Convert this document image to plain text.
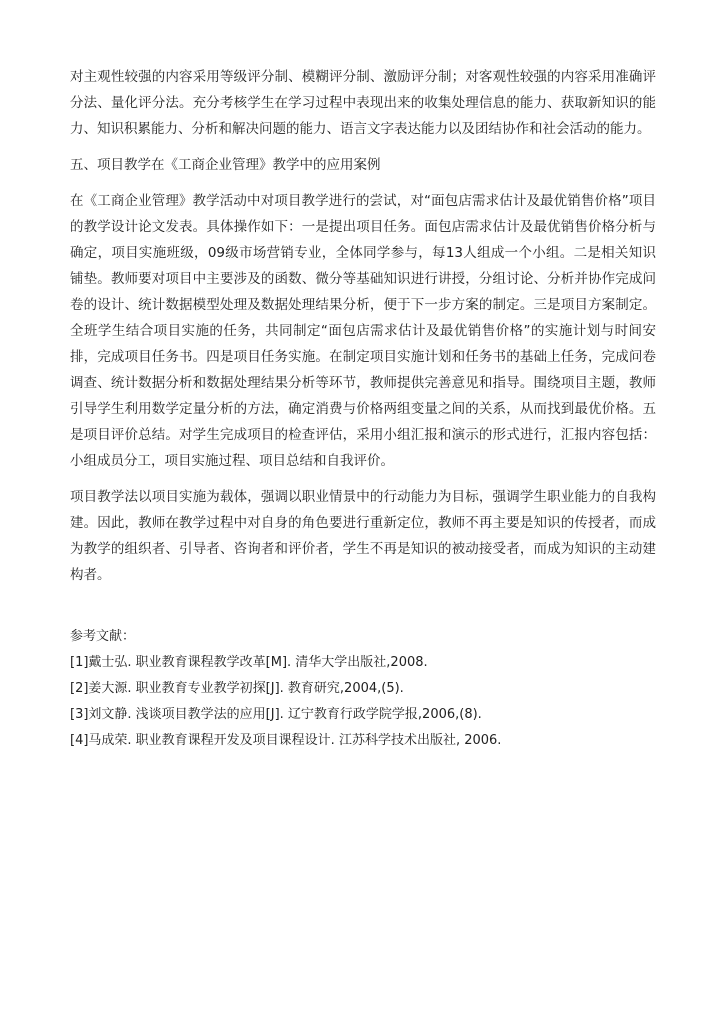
对主观性较强的内容采用等级评分制、模糊评分制、激励评分制；对客观性较强的内容采用准确评分法、量化评分法。充分考核学生在学习过程中表现出来的收集处理信息的能力、获取新知识的能力、知识积累能力、分析和解决问题的能力、语言文字表达能力以及团结协作和社会活动的能力。

五、项目教学在《工商企业管理》教学中的应用案例

在《工商企业管理》教学活动中对项目教学进行的尝试，对“面包店需求估计及最优销售价格”项目的教学设计论文发表。具体操作如下：一是提出项目任务。面包店需求估计及最优销售价格分析与确定，项目实施班级，09级市场营销专业，全体同学参与，每13人组成一个小组。二是相关知识铺垫。教师要对项目中主要涉及的函数、微分等基础知识进行讲授，分组讨论、分析并协作完成问卷的设计、统计数据模型处理及数据处理结果分析，便于下一步方案的制定。三是项目方案制定。全班学生结合项目实施的任务，共同制定“面包店需求估计及最优销售价格”的实施计划与时间安排，完成项目任务书。四是项目任务实施。在制定项目实施计划和任务书的基础上任务，完成问卷调查、统计数据分析和数据处理结果分析等环节，教师提供完善意见和指导。围绕项目主题，教师引导学生利用数学定量分析的方法，确定消费与价格两组变量之间的关系，从而找到最优价格。五是项目评价总结。对学生完成项目的检查评估，采用小组汇报和演示的形式进行，汇报内容包括：小组成员分工，项目实施过程、项目总结和自我评价。

项目教学法以项目实施为载体，强调以职业情景中的行动能力为目标，强调学生职业能力的自我构建。因此，教师在教学过程中对自身的角色要进行重新定位，教师不再主要是知识的传授者，而成为教学的组织者、引导者、咨询者和评价者，学生不再是知识的被动接受者，而成为知识的主动建构者。

参考文献：

[1]戴士弘. 职业教育课程教学改革[M]. 清华大学出版社,2008.

[2]姜大源. 职业教育专业教学初探[J]. 教育研究,2004,(5).

[3]刘文静. 浅谈项目教学法的应用[J]. 辽宁教育行政学院学报,2006,(8).

[4]马成荣. 职业教育课程开发及项目课程设计. 江苏科学技术出版社, 2006.
